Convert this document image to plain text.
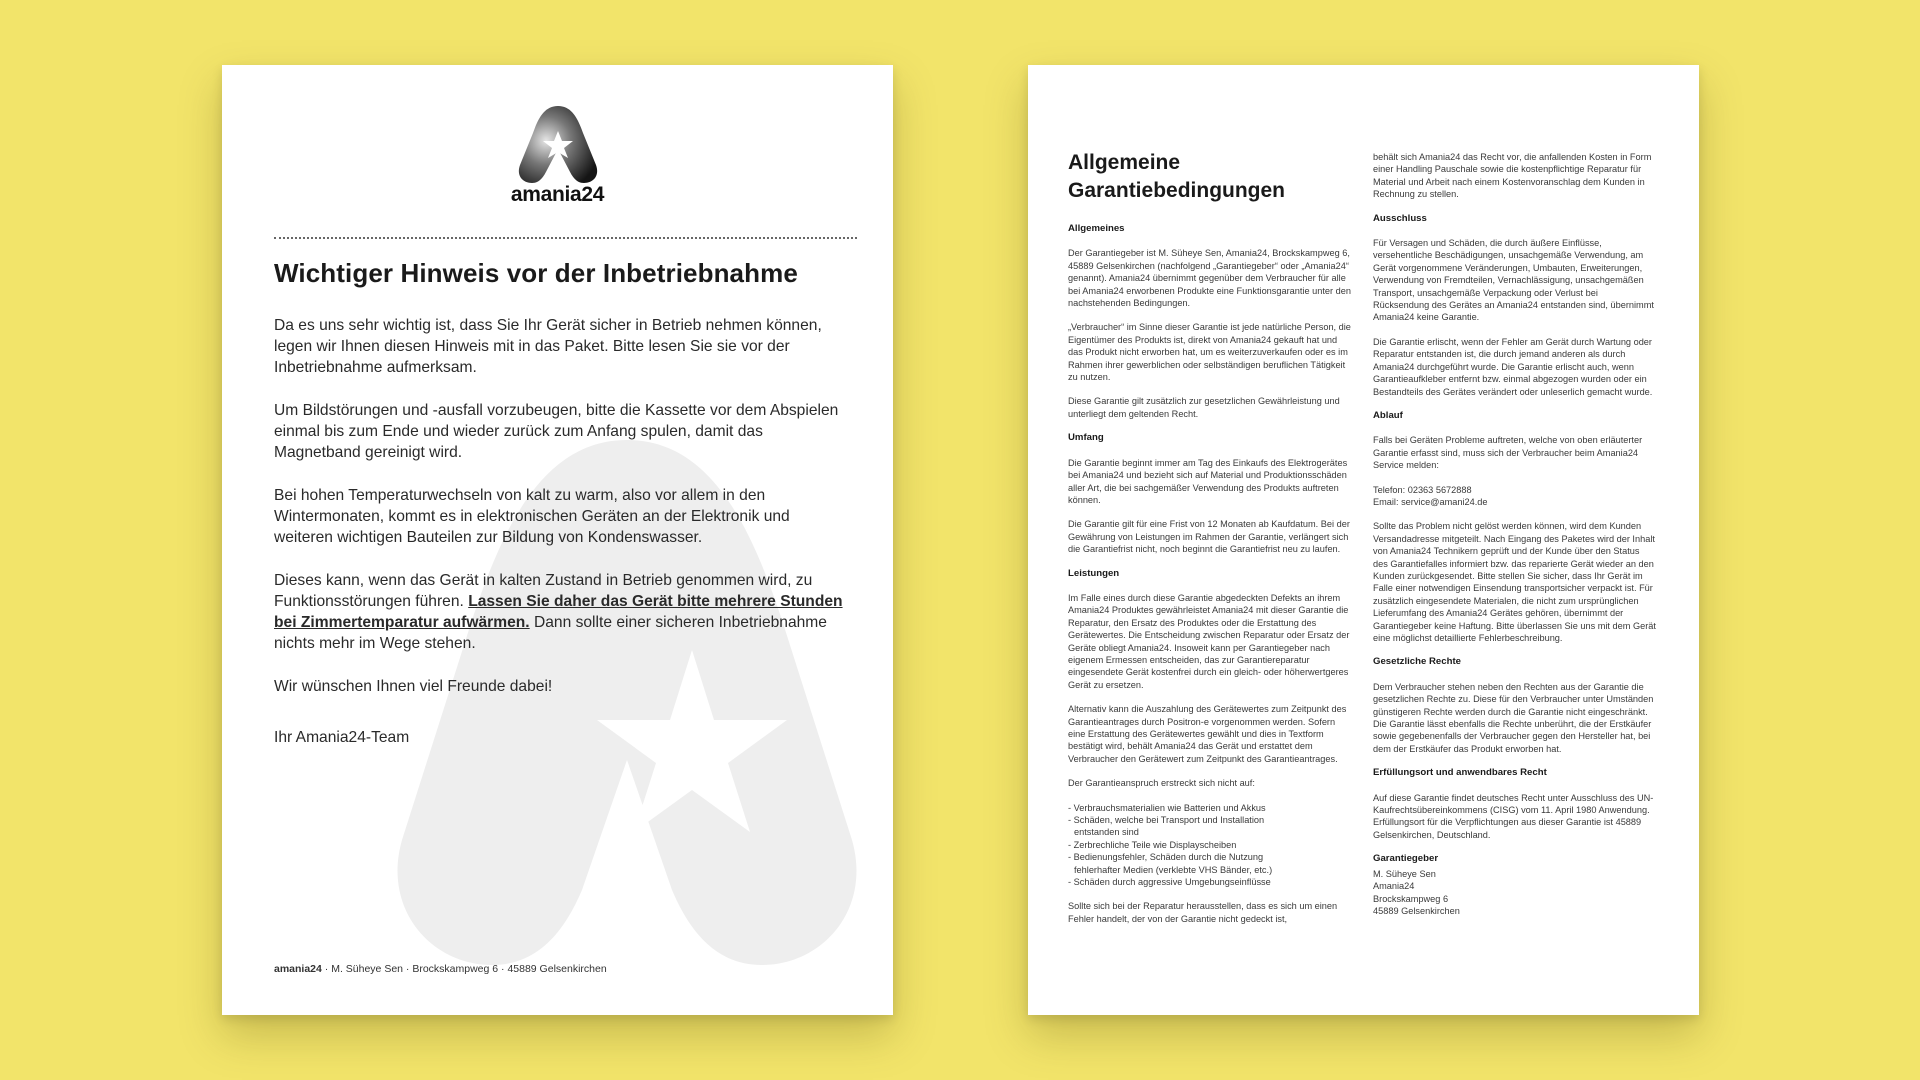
amania24
Wichtiger Hinweis vor der Inbetriebnahme

Da es uns sehr wichtig ist, dass Sie Ihr Gerät sicher in Betrieb nehmen können, legen wir Ihnen diesen Hinweis mit in das Paket. Bitte lesen Sie sie vor der Inbetriebnahme aufmerksam.

Um Bildstörungen und -ausfall vorzubeugen, bitte die Kassette vor dem Abspielen einmal bis zum Ende und wieder zurück zum Anfang spulen, damit das Magnetband gereinigt wird.

Bei hohen Temperaturwechseln von kalt zu warm, also vor allem in den Wintermonaten, kommt es in elektronischen Geräten an der Elektronik und weiteren wichtigen Bauteilen zur Bildung von Kondenswasser.

Dieses kann, wenn das Gerät in kalten Zustand in Betrieb genommen wird, zu Funktionsstörungen führen. Lassen Sie daher das Gerät bitte mehrere Stunden bei Zimmertemparatur aufwärmen. Dann sollte einer sicheren Inbetriebnahme nichts mehr im Wege stehen.

Wir wünschen Ihnen viel Freunde dabei!

Ihr Amania24-Team

amania24 · M. Süheye Sen · Brockskampweg 6 · 45889 Gelsenkirchen
Allgemeine
Garantiebedingungen
Allgemeines

Der Garantiegeber ist M. Süheye Sen, Amania24, Brockskampweg 6, 45889 Gelsenkirchen (nachfolgend „Garantiegeber“ oder „Amania24“ genannt). Amania24 übernimmt gegenüber dem Verbraucher für alle bei Amania24 erworbenen Produkte eine Funktionsgarantie unter den nachstehenden Bedingungen.

„Verbraucher“ im Sinne dieser Garantie ist jede natürliche Person, die Eigentümer des Produkts ist, direkt von Amania24 gekauft hat und das Produkt nicht erworben hat, um es weiterzuverkaufen oder es im Rahmen ihrer gewerblichen oder selbständigen beruflichen Tätigkeit zu nutzen.

Diese Garantie gilt zusätzlich zur gesetzlichen Gewährleistung und unterliegt dem geltenden Recht.

Umfang

Die Garantie beginnt immer am Tag des Einkaufs des Elektrogerätes bei Amania24 und bezieht sich auf Material und Produktionsschäden aller Art, die bei sachgemäßer Verwendung des Produkts auftreten können.

Die Garantie gilt für eine Frist von 12 Monaten ab Kaufdatum. Bei der Gewährung von Leistungen im Rahmen der Garantie, verlängert sich die Garantiefrist nicht, noch beginnt die Garantiefrist neu zu laufen.

Leistungen

Im Falle eines durch diese Garantie abgedeckten Defekts an ihrem Amania24 Produktes gewährleistet Amania24 mit dieser Garantie die Reparatur, den Ersatz des Produktes oder die Erstattung des Gerätewertes. Die Entscheidung zwischen Reparatur oder Ersatz der Geräte obliegt Amania24. Insoweit kann per Garantiegeber nach eigenem Ermessen entscheiden, das zur Garantiereparatur eingesendete Gerät kostenfrei durch ein gleich- oder höherwertgeres Gerät zu ersetzen.

Alternativ kann die Auszahlung des Gerätewertes zum Zeitpunkt des Garantieantrages durch Positron-e vorgenommen werden. Sofern eine Erstattung des Gerätewertes gewählt und dies in Textform bestätigt wird, behält Amania24 das Gerät und erstattet dem Verbraucher den Gerätewert zum Zeitpunkt des Garantieantrages.

Der Garantieanspruch erstreckt sich nicht auf:

- Verbrauchsmaterialien wie Batterien und Akkus
- Schäden, welche bei Transport und Installation
entstanden sind
- Zerbrechliche Teile wie Displayscheiben
- Bedienungsfehler, Schäden durch die Nutzung
fehlerhafter Medien (verklebte VHS Bänder, etc.)
- Schäden durch aggressive Umgebungseinflüsse

Sollte sich bei der Reparatur herausstellen, dass es sich um einen Fehler handelt, der von der Garantie nicht gedeckt ist,

behält sich Amania24 das Recht vor, die anfallenden Kosten in Form einer Handling Pauschale sowie die kostenpflichtige Reparatur für Material und Arbeit nach einem Kostenvoranschlag dem Kunden in Rechnung zu stellen.

Ausschluss

Für Versagen und Schäden, die durch äußere Einflüsse, versehentliche Beschädigungen, unsachgemäße Verwendung, am Gerät vorgenommene Veränderungen, Umbauten, Erweiterungen, Verwendung von Fremdteilen, Vernachlässigung, unsachgemäßen Transport, unsachgemäße Verpackung oder Verlust bei Rücksendung des Gerätes an Amania24 entstanden sind, übernimmt Amania24 keine Garantie.

Die Garantie erlischt, wenn der Fehler am Gerät durch Wartung oder Reparatur entstanden ist, die durch jemand anderen als durch Amania24 durchgeführt wurde. Die Garantie erlischt auch, wenn Garantieaufkleber entfernt bzw. einmal abgezogen wurden oder ein Bestandteils des Gerätes verändert oder unleserlich gemacht wurde.

Ablauf

Falls bei Geräten Probleme auftreten, welche von oben erläuterter Garantie erfasst sind, muss sich der Verbraucher beim Amania24 Service melden:

Telefon: 02363 5672888

Email: service@amani24.de

Sollte das Problem nicht gelöst werden können, wird dem Kunden Versandadresse mitgeteilt. Nach Eingang des Paketes wird der Inhalt von Amania24 Technikern geprüft und der Kunde über den Status des Garantiefalles informiert bzw. das reparierte Gerät wieder an den Kunden zurückgesendet. Bitte stellen Sie sicher, dass Ihr Gerät im Falle einer notwendigen Einsendung transportsicher verpackt ist. Für zusätzlich eingesendete Materialen, die nicht zum ursprünglichen Lieferumfang des Amania24 Gerätes gehören, übernimmt der Garantiegeber keine Haftung. Bitte überlassen Sie uns mit dem Gerät eine möglichst detaillierte Fehlerbeschreibung.

Gesetzliche Rechte

Dem Verbraucher stehen neben den Rechten aus der Garantie die gesetzlichen Rechte zu. Diese für den Verbraucher unter Umständen günstigeren Rechte werden durch die Garantie nicht eingeschränkt. Die Garantie lässt ebenfalls die Rechte unberührt, die der Erstkäufer sowie gegebenenfalls der Verbraucher gegen den Hersteller hat, bei dem der Erstkäufer das Produkt erworben hat.

Erfüllungsort und anwendbares Recht

Auf diese Garantie findet deutsches Recht unter Ausschluss des UN-Kaufrechtsübereinkommens (CISG) vom 11. April 1980 Anwendung. Erfüllungsort für die Verpflichtungen aus dieser Garantie ist 45889 Gelsenkirchen, Deutschland.

Garantiegeber
M. Süheye Sen
Amania24
Brockskampweg 6
45889 Gelsenkirchen
